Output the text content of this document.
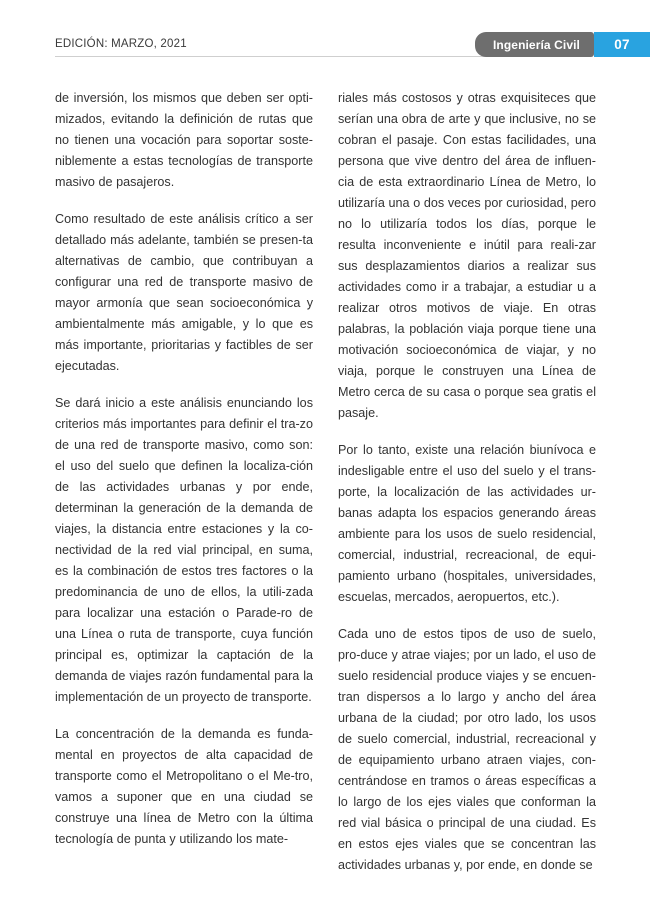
EDICIÓN: MARZO, 2021	Ingeniería Civil	07

de inversión, los mismos que deben ser opti-mizados, evitando la definición de rutas que no tienen una vocación para soportar soste-niblemente a estas tecnologías de transporte masivo de pasajeros.

Como resultado de este análisis crítico a ser detallado más adelante, también se presen-ta alternativas de cambio, que contribuyan a configurar una red de transporte masivo de mayor armonía que sean socioeconómica y ambientalmente más amigable, y lo que es más importante, prioritarias y factibles de ser ejecutadas.

Se dará inicio a este análisis enunciando los criterios más importantes para definir el tra-zo de una red de transporte masivo, como son: el uso del suelo que definen la localiza-ción de las actividades urbanas y por ende, determinan la generación de la demanda de viajes, la distancia entre estaciones y la co-nectividad de la red vial principal, en suma, es la combinación de estos tres factores o la predominancia de uno de ellos, la utili-zada para localizar una estación o Parade-ro de una Línea o ruta de transporte, cuya función principal es, optimizar la captación de la demanda de viajes razón fundamental para la implementación de un proyecto de transporte.

La concentración de la demanda es funda-mental en proyectos de alta capacidad de transporte como el Metropolitano o el Me-tro, vamos a suponer que en una ciudad se construye una línea de Metro con la última tecnología de punta y utilizando los mate-

riales más costosos y otras exquisiteces que serían una obra de arte y que inclusive, no se cobran el pasaje. Con estas facilidades, una persona que vive dentro del área de influen-cia de esta extraordinario Línea de Metro, lo utilizaría una o dos veces por curiosidad, pero no lo utilizaría todos los días, porque le resulta inconveniente e inútil para reali-zar sus desplazamientos diarios a realizar sus actividades como ir a trabajar, a estudiar u a realizar otros motivos de viaje. En otras palabras, la población viaja porque tiene una motivación socioeconómica de viajar, y no viaja, porque le construyen una Línea de Metro cerca de su casa o porque sea gratis el pasaje.

Por lo tanto, existe una relación biunívoca e indesligable entre el uso del suelo y el trans-porte, la localización de las actividades ur-banas adapta los espacios generando áreas ambiente para los usos de suelo residencial, comercial, industrial, recreacional, de equi-pamiento urbano (hospitales, universidades, escuelas, mercados, aeropuertos, etc.).

Cada uno de estos tipos de uso de suelo, pro-duce y atrae viajes; por un lado, el uso de suelo residencial produce viajes y se encuen-tran dispersos a lo largo y ancho del área urbana de la ciudad; por otro lado, los usos de suelo comercial, industrial, recreacional y de equipamiento urbano atraen viajes, con-centrándose en tramos o áreas específicas a lo largo de los ejes viales que conforman la red vial básica o principal de una ciudad. Es en estos ejes viales que se concentran las actividades urbanas y, por ende, en donde se
